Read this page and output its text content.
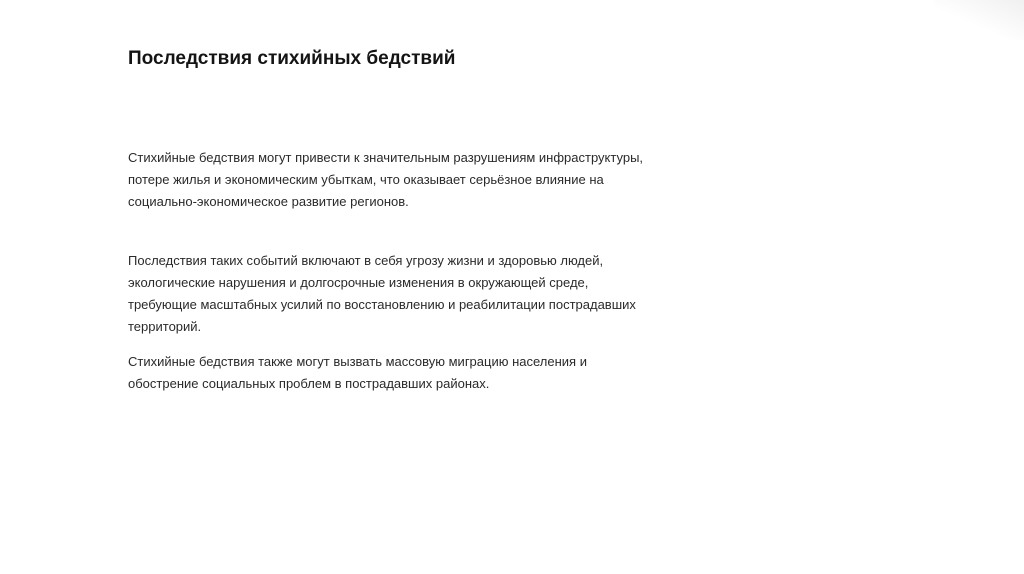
Последствия стихийных бедствий

Стихийные бедствия могут привести к значительным разрушениям инфраструктуры,
потере жилья и экономическим убыткам, что оказывает серьёзное влияние на
социально-экономическое развитие регионов.

Последствия таких событий включают в себя угрозу жизни и здоровью людей,
экологические нарушения и долгосрочные изменения в окружающей среде,
требующие масштабных усилий по восстановлению и реабилитации пострадавших
территорий.

Стихийные бедствия также могут вызвать массовую миграцию населения и
обострение социальных проблем в пострадавших районах.
